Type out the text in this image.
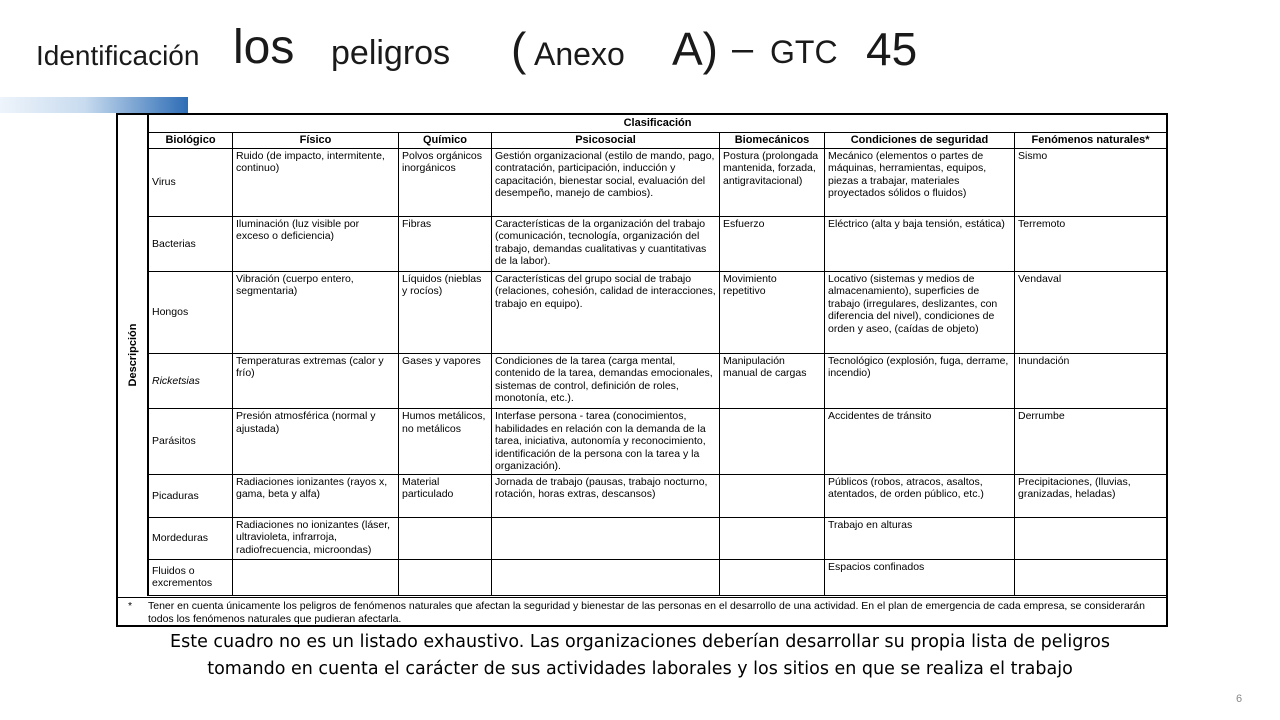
Identificación los peligros ( Anexo A) – GTC 45
Descripción
Clasificación						
Biológico	Físico	Químico	Psicosocial	Biomecánicos	Condiciones de seguridad	Fenómenos naturales*
Virus	Ruido (de impacto, intermitente, continuo)	Polvos orgánicos inorgánicos	Gestión organizacional (estilo de mando, pago, contratación, participación, inducción y capacitación, bienestar social, evaluación del desempeño, manejo de cambios).	Postura (prolongada mantenida, forzada, antigravitacional)	Mecánico (elementos o partes de máquinas, herramientas, equipos, piezas a trabajar, materiales proyectados sólidos o fluidos)	Sismo
Bacterias	Iluminación (luz visible por exceso o deficiencia)	Fibras	Características de la organización del trabajo (comunicación, tecnología, organización del trabajo, demandas cualitativas y cuantitativas de la labor).	Esfuerzo	Eléctrico (alta y baja tensión, estática)	Terremoto
Hongos	Vibración (cuerpo entero, segmentaria)	Líquidos (nieblas y rocíos)	Características del grupo social de trabajo (relaciones, cohesión, calidad de interacciones, trabajo en equipo).	Movimiento repetitivo	Locativo (sistemas y medios de almacenamiento), superficies de trabajo (irregulares, deslizantes, con diferencia del nivel), condiciones de orden y aseo, (caídas de objeto)	Vendaval
Ricketsias	Temperaturas extremas (calor y frío)	Gases y vapores	Condiciones de la tarea (carga mental, contenido de la tarea, demandas emocionales, sistemas de control, definición de roles, monotonía, etc.).	Manipulación manual de cargas	Tecnológico (explosión, fuga, derrame, incendio)	Inundación
Parásitos	Presión atmosférica (normal y ajustada)	Humos metálicos, no metálicos	Interfase persona - tarea (conocimientos, habilidades en relación con la demanda de la tarea, iniciativa, autonomía y reconocimiento, identificación de la persona con la tarea y la organización).		Accidentes de tránsito	Derrumbe
Picaduras	Radiaciones ionizantes (rayos x, gama, beta y alfa)	Material particulado	Jornada de trabajo (pausas, trabajo nocturno, rotación, horas extras, descansos)		Públicos (robos, atracos, asaltos, atentados, de orden público, etc.)	Precipitaciones, (lluvias, granizadas, heladas)
Mordeduras	Radiaciones no ionizantes (láser, ultravioleta, infrarroja, radiofrecuencia, microondas)				Trabajo en alturas	
Fluidos o excrementos					Espacios confinados	
* Tener en cuenta únicamente los peligros de fenómenos naturales que afectan la seguridad y bienestar de las personas en el desarrollo de una actividad. En el plan de emergencia de cada empresa, se considerarán todos los fenómenos naturales que pudieran afectarla.
Este cuadro no es un listado exhaustivo. Las organizaciones deberían desarrollar su propia lista de peligros
tomando en cuenta el carácter de sus actividades laborales y los sitios en que se realiza el trabajo
6
